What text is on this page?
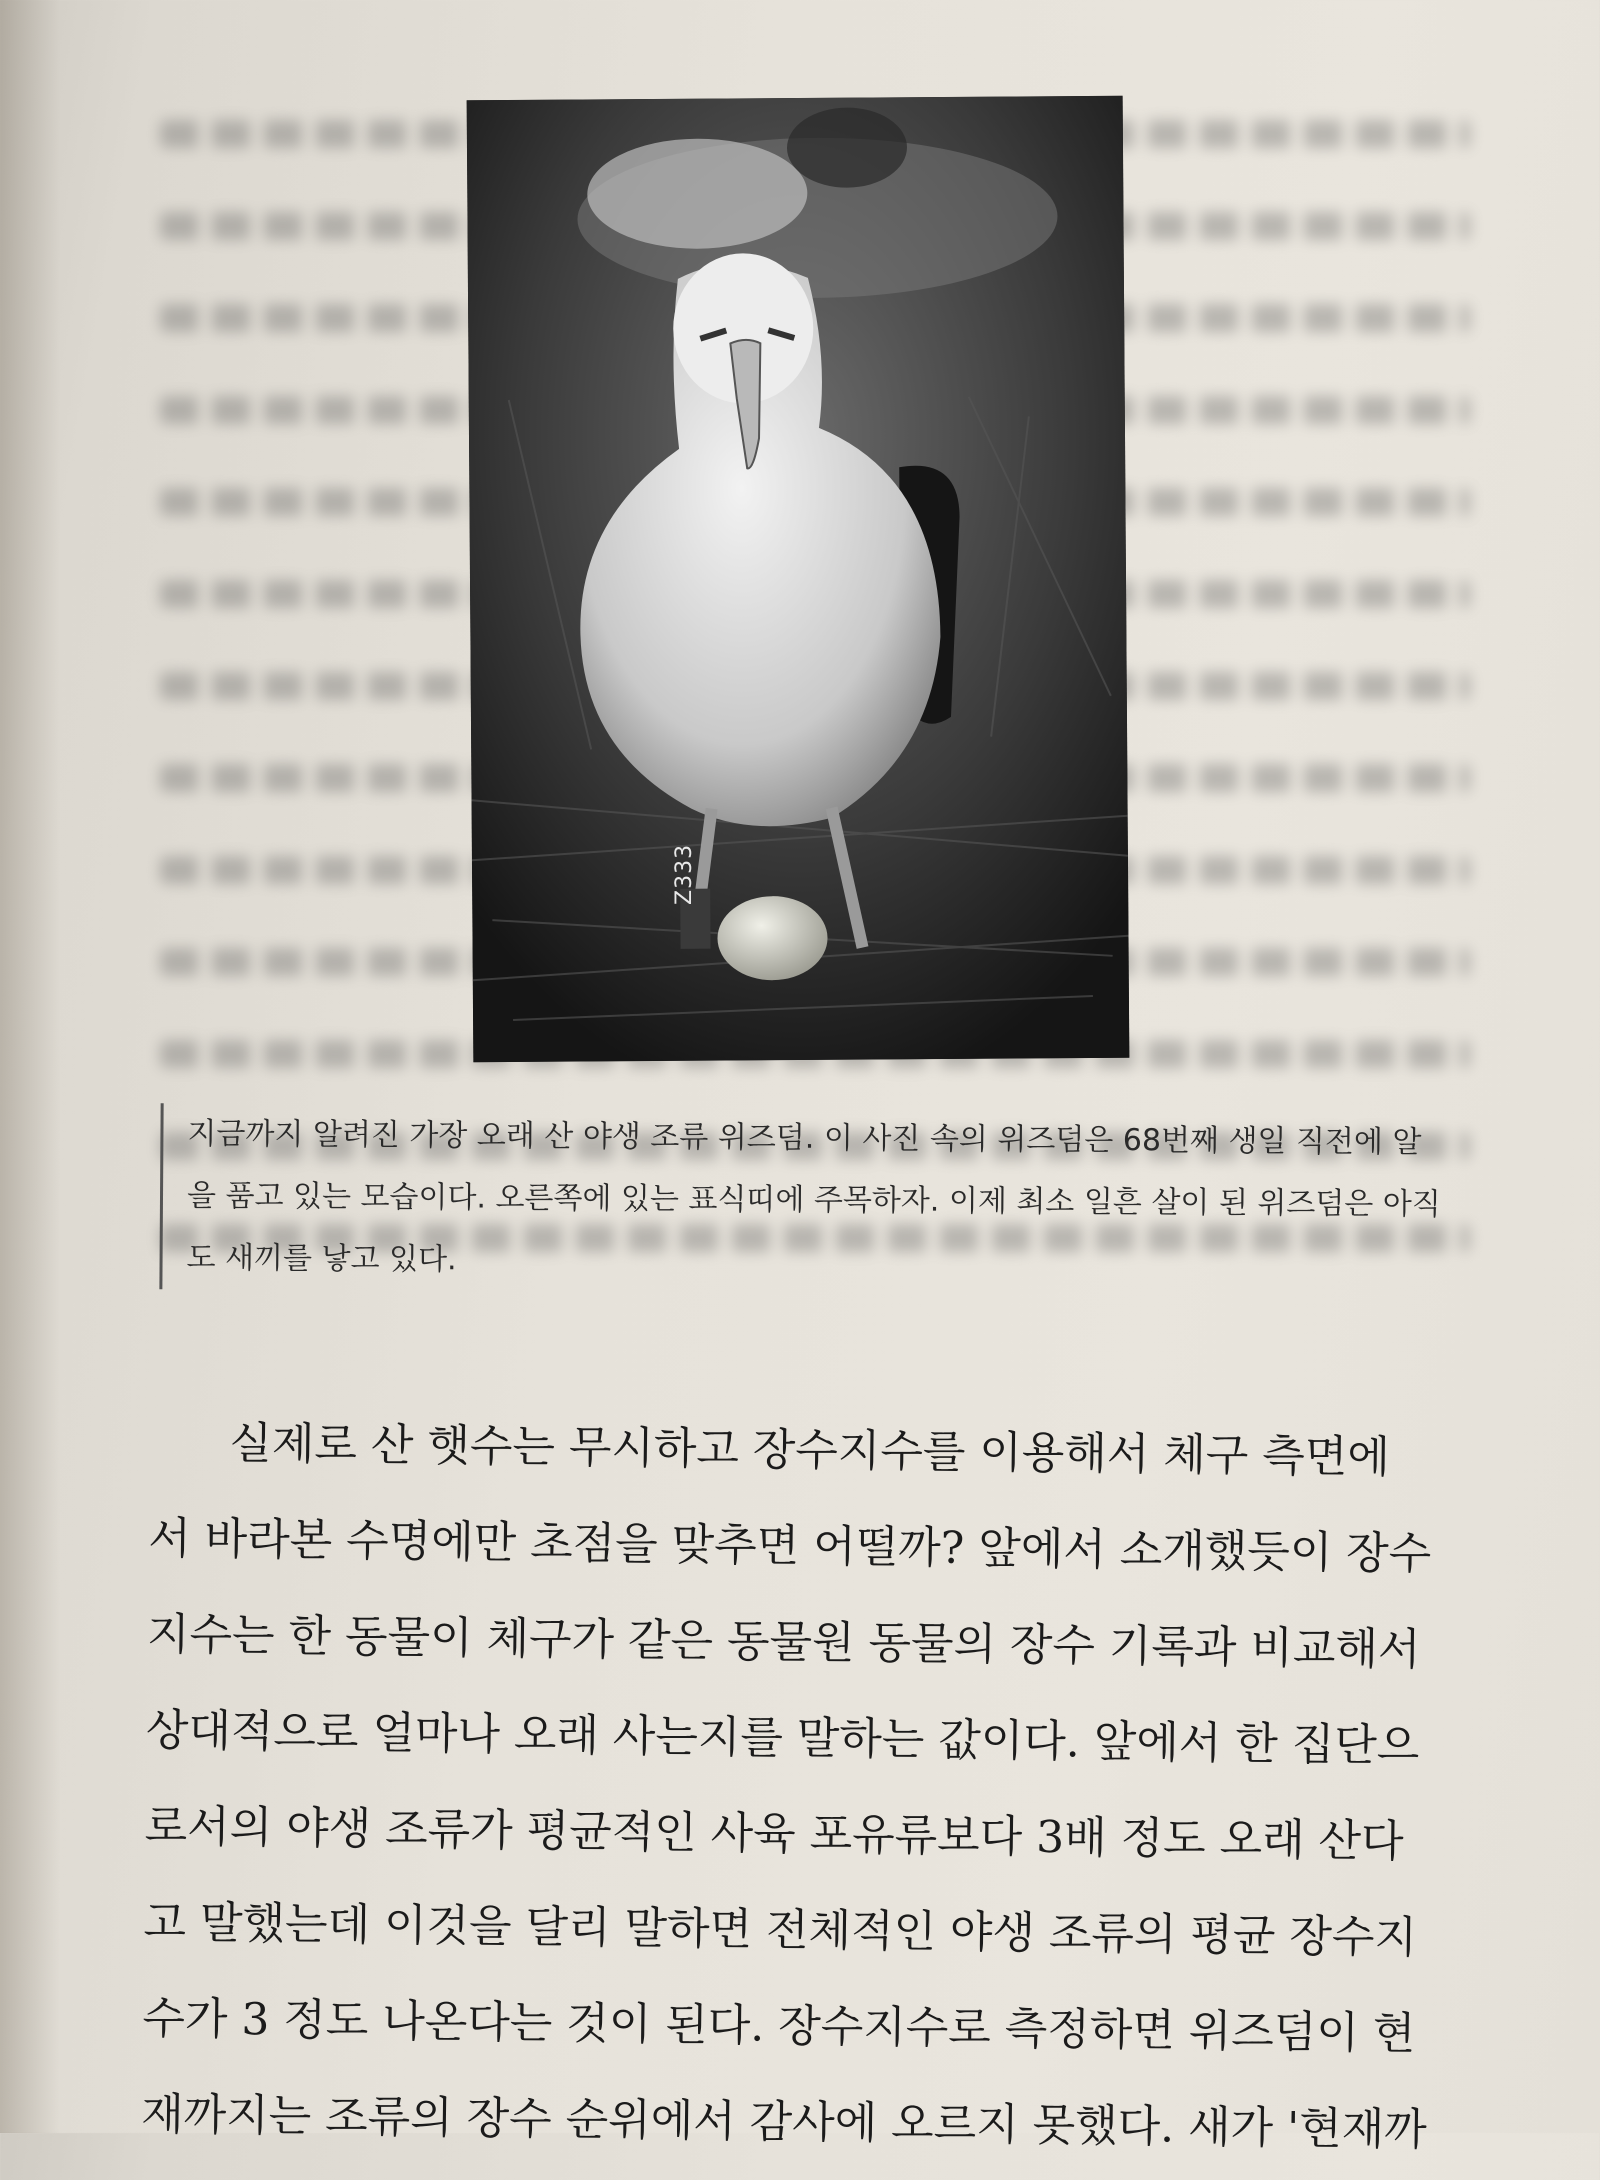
Z333
지금까지 알려진 가장 오래 산 야생 조류 위즈덤. 이 사진 속의 위즈덤은 68번째 생일 직전에 알
을 품고 있는 모습이다. 오른쪽에 있는 표식띠에 주목하자. 이제 최소 일흔 살이 된 위즈덤은 아직
도 새끼를 낳고 있다.
실제로 산 햇수는 무시하고 장수지수를 이용해서 체구 측면에
서 바라본 수명에만 초점을 맞추면 어떨까? 앞에서 소개했듯이 장수
지수는 한 동물이 체구가 같은 동물원 동물의 장수 기록과 비교해서
상대적으로 얼마나 오래 사는지를 말하는 값이다. 앞에서 한 집단으
로서의 야생 조류가 평균적인 사육 포유류보다 3배 정도 오래 산다
고 말했는데 이것을 달리 말하면 전체적인 야생 조류의 평균 장수지
수가 3 정도 나온다는 것이 된다. 장수지수로 측정하면 위즈덤이 현
재까지는 조류의 장수 순위에서 감사에 오르지 못했다. 새가 '현재까
